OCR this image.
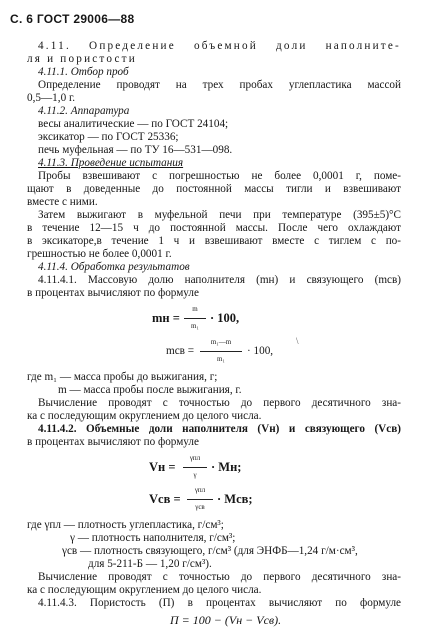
С. 6 ГОСТ 29006—88
4.11. Определение объемной доли наполните-
ля и пористости
4.11.1. Отбор проб
Определение проводят на трех пробах углепластика массой
0,5—1,0 г.
4.11.2. Аппаратура
весы аналитические — по ГОСТ 24104;
эксикатор — по ГОСТ 25336;
печь муфельная — по ТУ 16—531—098.
4.11.3. Проведение испытания
Пробы взвешивают с погрешностью не более 0,0001 г, поме-
щают в доведенные до постоянной массы тигли и взвешивают
вместе с ними.
Затем выжигают в муфельной печи при температуре (395±5)°С
в течение 12—15 ч до постоянной массы. После чего охлаждают
в эксикаторе,в течение 1 ч и взвешивают вместе с тиглем с по-
грешностью не более 0,0001 г.
4.11.4. Обработка результатов
4.11.4.1. Массовую долю наполнителя (mн) и связующего (mсв)
в процентах вычисляют по формуле
mн =
m
m₁
· 100,
\
mсв =
m₁—m
m₁
· 100,
где m₁ — масса пробы до выжигания, г;
m — масса пробы после выжигания, г.
Вычисление проводят с точностью до первого десятичного зна-
ка с последующим округлением до целого числа.
4.11.4.2. Объемные доли наполнителя (Vн) и связующего (Vсв)
в процентах вычисляют по формуле
Vн =
γпл
γ
· Mн;
Vсв =
γпл
γсв
· Mсв;
где γпл — плотность углепластика, г/см³;
γ — плотность наполнителя, г/см³;
γсв — плотность связующего, г/см³ (для ЭНФБ—1,24 г/м·см³,
для 5-211-Б — 1,20 г/см³).
Вычисление проводят с точностью до первого десятичного зна-
ка с последующим округлением до целого числа.
4.11.4.3. Пористость (П) в процентах вычисляют по формуле
П = 100 − (Vн − Vсв).
